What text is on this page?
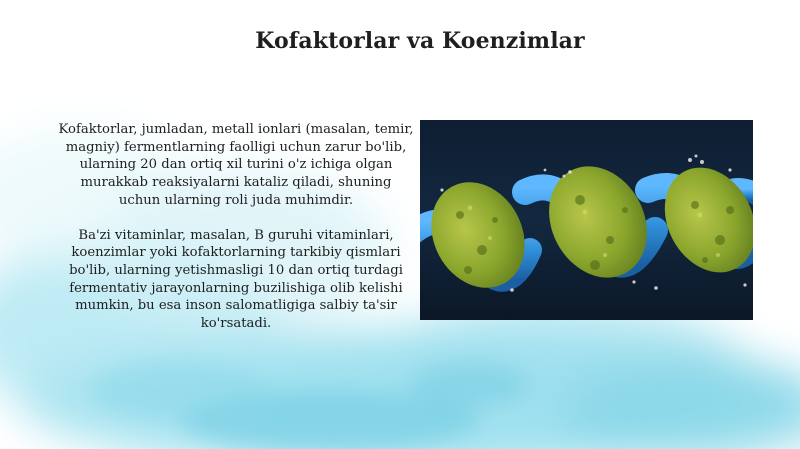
Kofaktorlar va Koenzimlar

Kofaktorlar, jumladan, metall ionlari (masalan, temir, magniy) fermentlarning faolligi uchun zarur bo'lib, ularning 20 dan ortiq xil turini o'z ichiga olgan murakkab reaksiyalarni kataliz qiladi, shuning uchun ularning roli juda muhimdir.

Ba'zi vitaminlar, masalan, B guruhi vitaminlari, koenzimlar yoki kofaktorlarning tarkibiy qismlari bo'lib, ularning yetishmasligi 10 dan ortiq turdagi fermentativ jarayonlarning buzilishiga olib kelishi mumkin, bu esa inson salomatligiga salbiy ta'sir ko'rsatadi.
